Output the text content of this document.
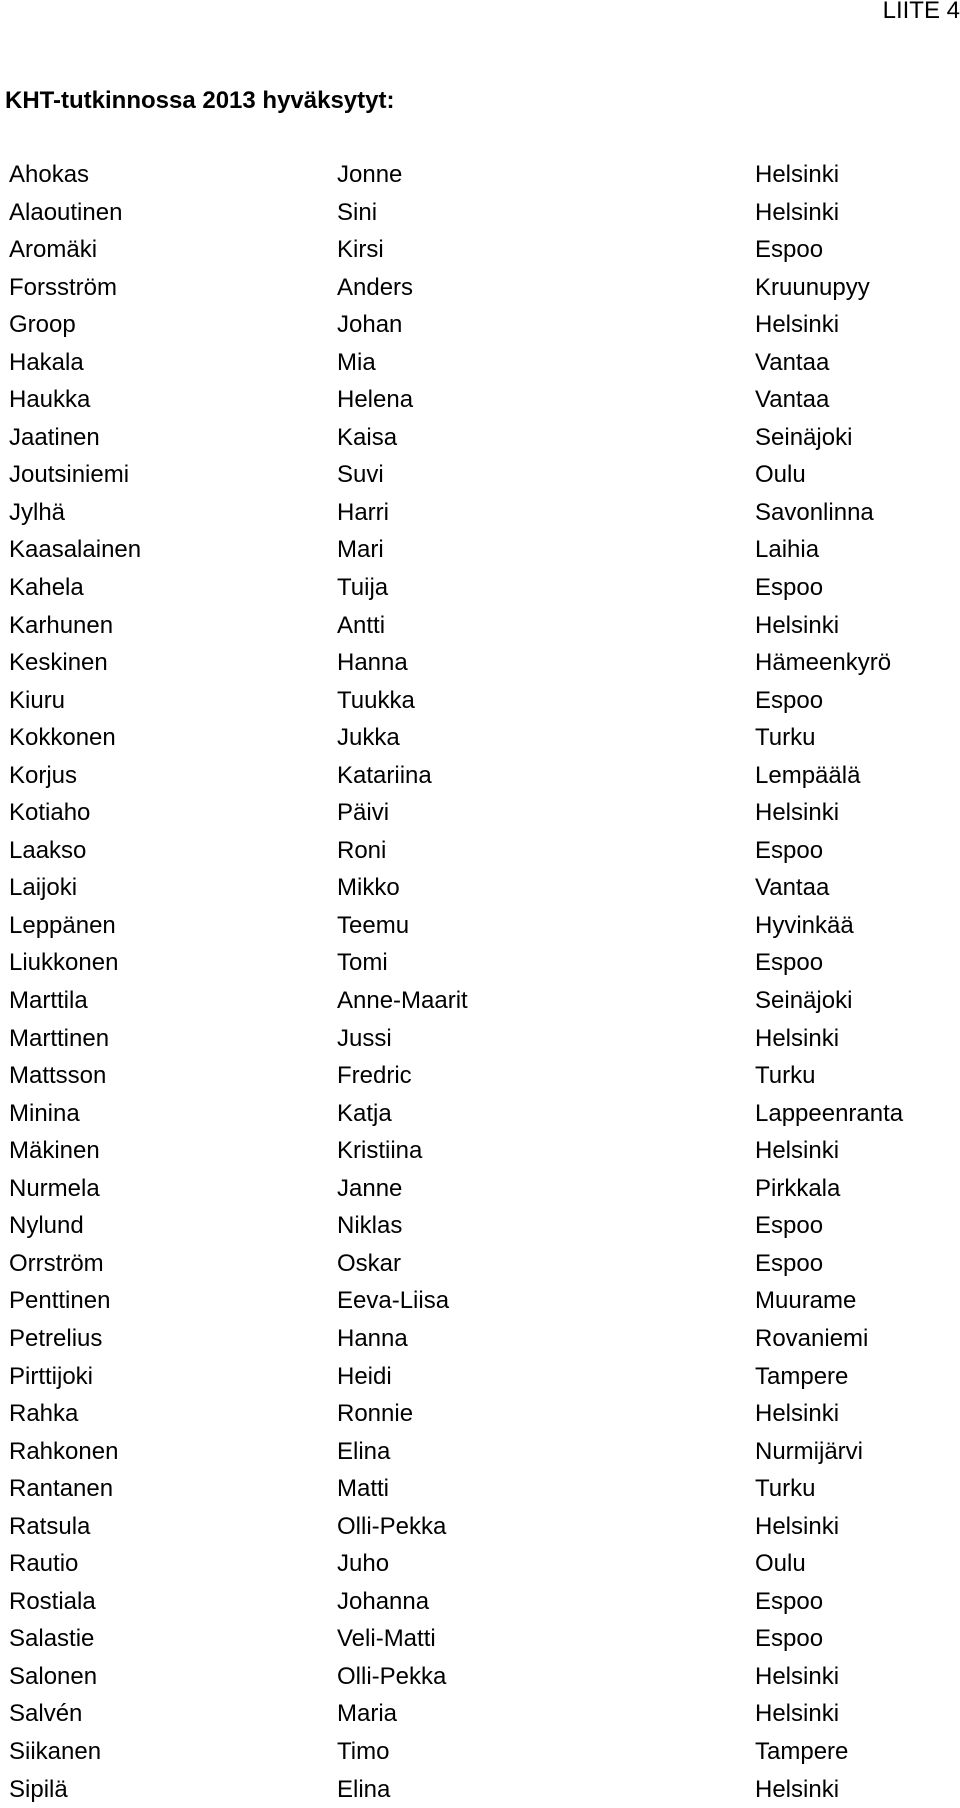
LIITE 4
KHT-tutkinnossa 2013 hyväksytyt:
Ahokas	Jonne	Helsinki
Alaoutinen	Sini	Helsinki
Aromäki	Kirsi	Espoo
Forsström	Anders	Kruunupyy
Groop	Johan	Helsinki
Hakala	Mia	Vantaa
Haukka	Helena	Vantaa
Jaatinen	Kaisa	Seinäjoki
Joutsiniemi	Suvi	Oulu
Jylhä	Harri	Savonlinna
Kaasalainen	Mari	Laihia
Kahela	Tuija	Espoo
Karhunen	Antti	Helsinki
Keskinen	Hanna	Hämeenkyrö
Kiuru	Tuukka	Espoo
Kokkonen	Jukka	Turku
Korjus	Katariina	Lempäälä
Kotiaho	Päivi	Helsinki
Laakso	Roni	Espoo
Laijoki	Mikko	Vantaa
Leppänen	Teemu	Hyvinkää
Liukkonen	Tomi	Espoo
Marttila	Anne-Maarit	Seinäjoki
Marttinen	Jussi	Helsinki
Mattsson	Fredric	Turku
Minina	Katja	Lappeenranta
Mäkinen	Kristiina	Helsinki
Nurmela	Janne	Pirkkala
Nylund	Niklas	Espoo
Orrström	Oskar	Espoo
Penttinen	Eeva-Liisa	Muurame
Petrelius	Hanna	Rovaniemi
Pirttijoki	Heidi	Tampere
Rahka	Ronnie	Helsinki
Rahkonen	Elina	Nurmijärvi
Rantanen	Matti	Turku
Ratsula	Olli-Pekka	Helsinki
Rautio	Juho	Oulu
Rostiala	Johanna	Espoo
Salastie	Veli-Matti	Espoo
Salonen	Olli-Pekka	Helsinki
Salvén	Maria	Helsinki
Siikanen	Timo	Tampere
Sipilä	Elina	Helsinki
